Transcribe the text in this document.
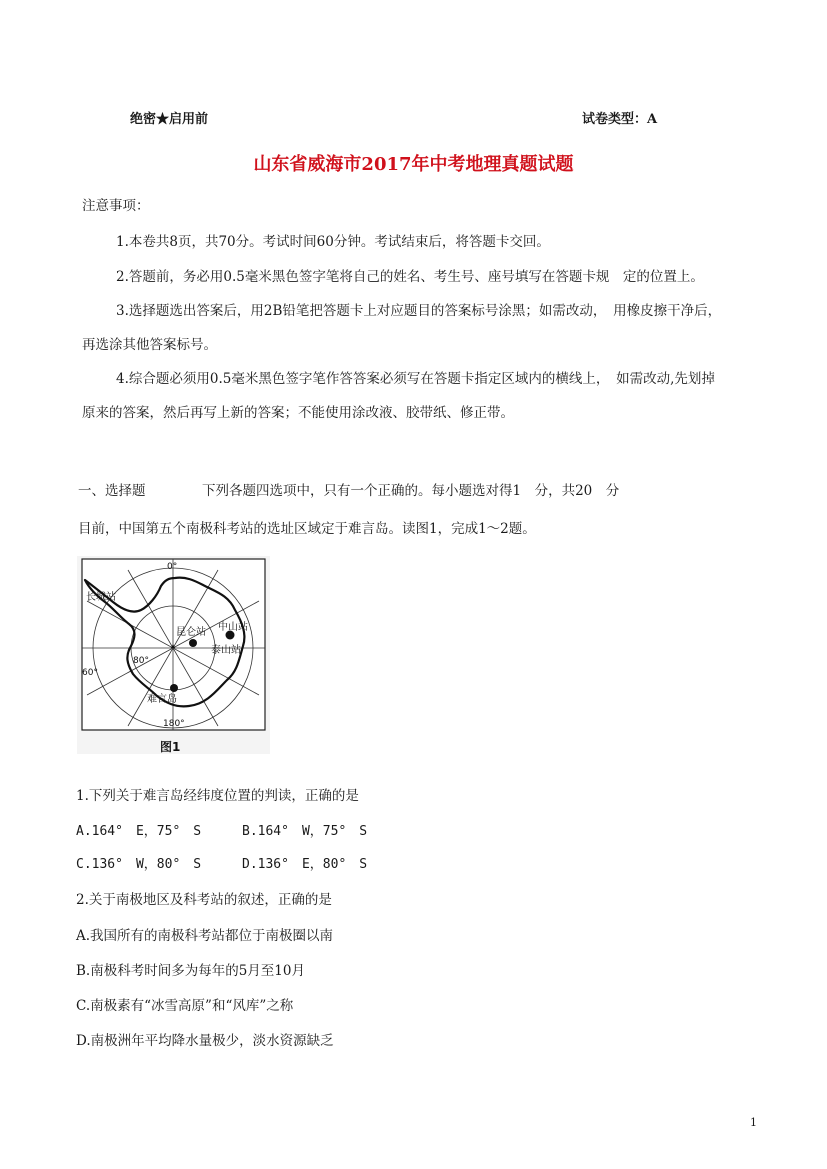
绝密★启用前	试卷类型：A
山东省威海市2017年中考地理真题试题
注意事项：
1.本卷共8页，共70分。考试时间60分钟。考试结束后，将答题卡交回。
2.答题前，务必用0.5毫米黑色签字笔将自己的姓名、考生号、座号填写在答题卡规　定的位置上。
3.选择题选出答案后，用2B铅笔把答题卡上对应题目的答案标号涂黑；如需改动，　用橡皮擦干净后，
再选涂其他答案标号。
4.综合题必须用0.5毫米黑色签字笔作答答案必须写在答题卡指定区域内的横线上，　如需改动,先划掉
原来的答案，然后再写上新的答案；不能使用涂改液、胶带纸、修正带。
一、选择题	下列各题四选项中，只有一个正确的。每小题选对得1　分，共20　分
目前，中国第五个南极科考站的选址区域定于难言岛。读图1，完成1～2题。
0°
60°
80°
180°
长城站
昆仑站 中山站
泰山站
难言岛
图1
1.下列关于难言岛经纬度位置的判读，正确的是
A.164°　E，75°　S	B.164°　W，75°　S
C.136°　W，80°　S	D.136°　E，80°　S
2.关于南极地区及科考站的叙述，正确的是
A.我国所有的南极科考站都位于南极圈以南
B.南极科考时间多为每年的5月至10月
C.南极素有“冰雪高原”和“风库”之称
D.南极洲年平均降水量极少，淡水资源缺乏
1
